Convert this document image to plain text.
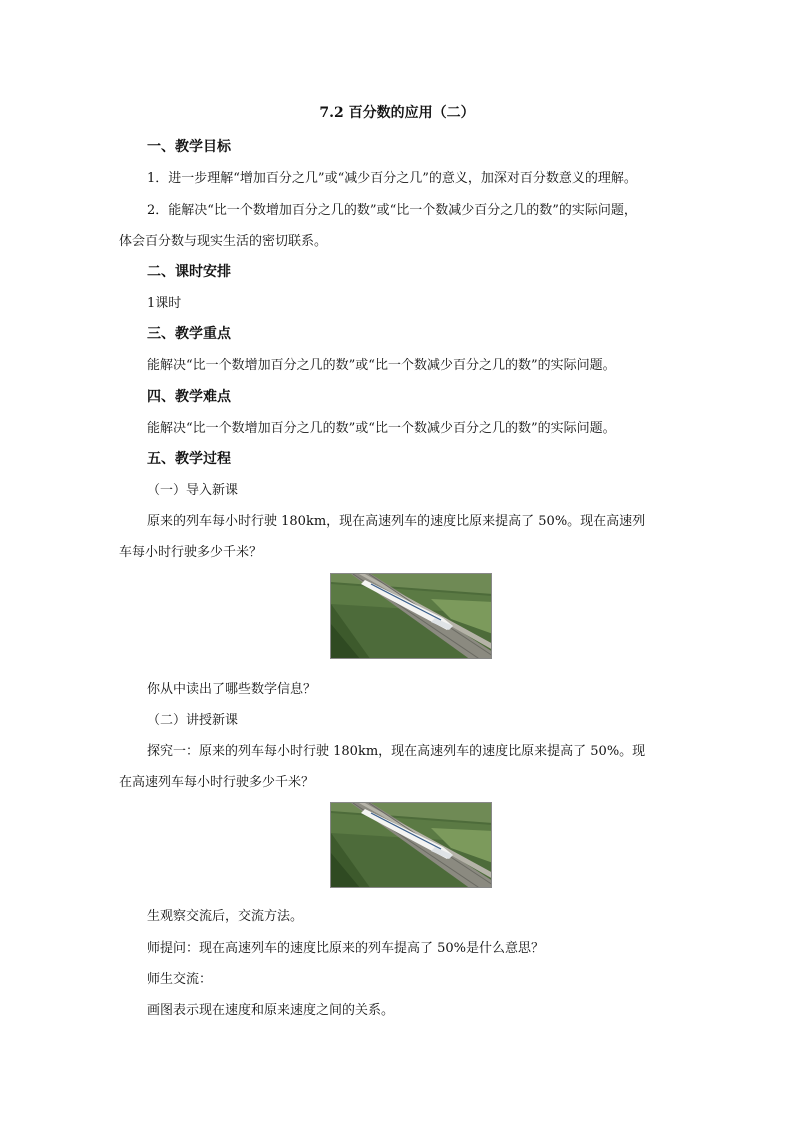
7.2 百分数的应用（二）
一、教学目标
1．进一步理解“增加百分之几”或“减少百分之几”的意义，加深对百分数意义的理解。
2．能解决“比一个数增加百分之几的数”或“比一个数减少百分之几的数”的实际问题，
体会百分数与现实生活的密切联系。
二、课时安排
1课时
三、教学重点
能解决“比一个数增加百分之几的数”或“比一个数减少百分之几的数”的实际问题。
四、教学难点
能解决“比一个数增加百分之几的数”或“比一个数减少百分之几的数”的实际问题。
五、教学过程
（一）导入新课
原来的列车每小时行驶 180km，现在高速列车的速度比原来提高了 50%。现在高速列
车每小时行驶多少千米？
你从中读出了哪些数学信息？
（二）讲授新课
探究一：原来的列车每小时行驶 180km，现在高速列车的速度比原来提高了 50%。现
在高速列车每小时行驶多少千米？
生观察交流后，交流方法。
师提问：现在高速列车的速度比原来的列车提高了 50%是什么意思？
师生交流：
画图表示现在速度和原来速度之间的关系。
